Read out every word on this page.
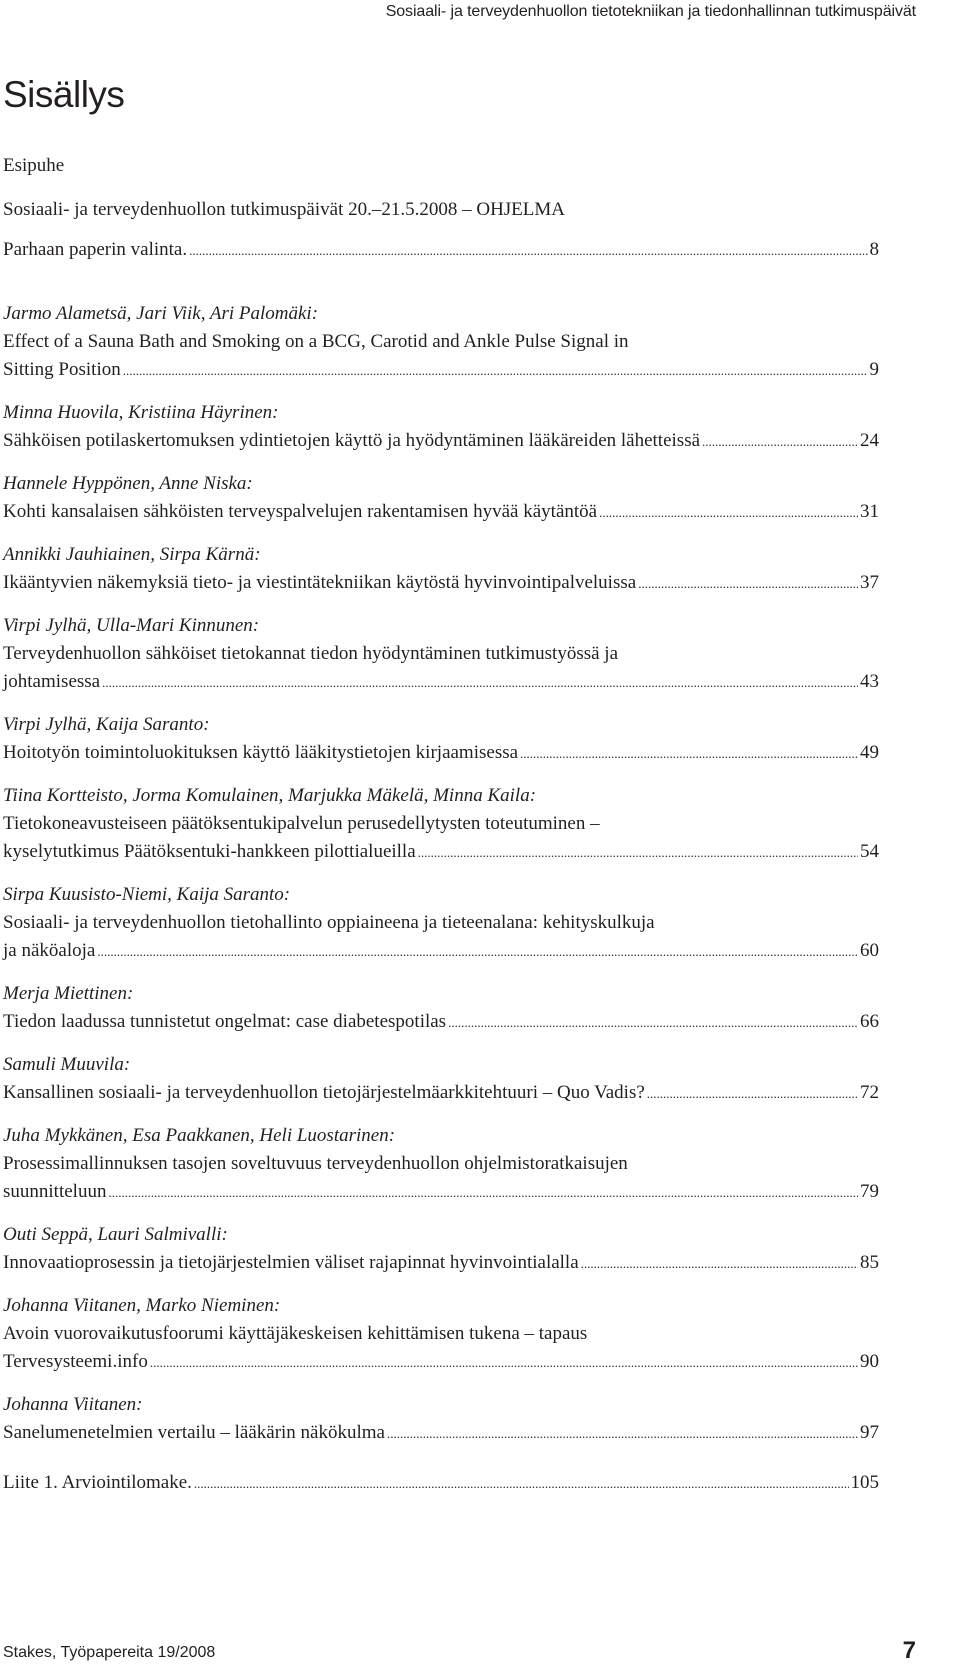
Sosiaali- ja terveydenhuollon tietotekniikan ja tiedonhallinnan tutkimuspäivät
Sisällys
Esipuhe
Sosiaali- ja terveydenhuollon tutkimuspäivät 20.–21.5.2008 – OHJELMA
Parhaan paperin valinta. .....	8
Jarmo Alametsä, Jari Viik, Ari Palomäki:
Effect of a Sauna Bath and Smoking on a BCG, Carotid and Ankle Pulse Signal in
Sitting Position .....	9
Minna Huovila, Kristiina Häyrinen:
Sähköisen potilaskertomuksen ydintietojen käyttö ja hyödyntäminen lääkäreiden lähetteissä .....	24
Hannele Hyppönen, Anne Niska:
Kohti kansalaisen sähköisten terveyspalvelujen rakentamisen hyvää käytäntöä .....	31
Annikki Jauhiainen, Sirpa Kärnä:
Ikääntyvien näkemyksiä tieto- ja viestintätekniikan käytöstä hyvinvointipalveluissa .....	37
Virpi Jylhä, Ulla-Mari Kinnunen:
Terveydenhuollon sähköiset tietokannat tiedon hyödyntäminen tutkimustyössä ja
johtamisessa .....	43
Virpi Jylhä, Kaija Saranto:
Hoitotyön toimintoluokituksen käyttö lääkitystietojen kirjaamisessa .....	49
Tiina Kortteisto, Jorma Komulainen, Marjukka Mäkelä, Minna Kaila:
Tietokoneavusteiseen päätöksentukipalvelun perusedellytysten toteutuminen –
kyselytutkimus Päätöksentuki-hankkeen pilottialueilla .....	54
Sirpa Kuusisto-Niemi, Kaija Saranto:
Sosiaali- ja terveydenhuollon tietohallinto oppiaineena ja tieteenalana: kehityskulkuja
ja näköaloja .....	60
Merja Miettinen:
Tiedon laadussa tunnistetut ongelmat: case diabetespotilas .....	66
Samuli Muuvila:
Kansallinen sosiaali- ja terveydenhuollon tietojärjestelmäarkkitehtuuri – Quo Vadis? .....	72
Juha Mykkänen, Esa Paakkanen, Heli Luostarinen:
Prosessimallinnuksen tasojen soveltuvuus terveydenhuollon ohjelmistoratkaisujen
suunnitteluun .....	79
Outi Seppä, Lauri Salmivalli:
Innovaatioprosessin ja tietojärjestelmien väliset rajapinnat hyvinvointialalla .....	85
Johanna Viitanen, Marko Nieminen:
Avoin vuorovaikutusfoorumi käyttäjäkeskeisen kehittämisen tukena – tapaus
Tervesysteemi.info .....	90
Johanna Viitanen:
Sanelumenetelmien vertailu – lääkärin näkökulma .....	97
Liite 1. Arviointilomake. .....	105
Stakes, Työpapereita 19/2008	7
